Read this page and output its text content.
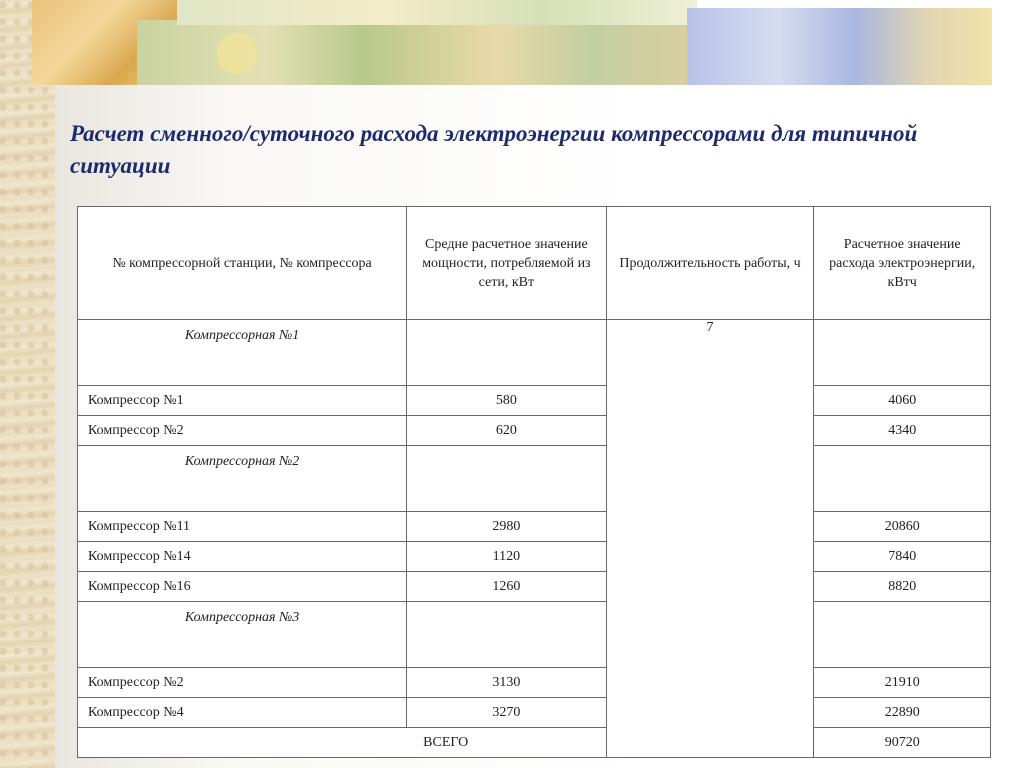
Расчет сменного/суточного расхода электроэнергии компрессорами для типичной ситуации
№ компрессорной станции, № компрессора	Средне расчетное значение мощности, потребляемой из сети, кВт	Продолжительность работы, ч	Расчетное значение расхода электроэнергии, кВтч
Компрессорная №1		7	
Компрессор №1	580		4060
Компрессор №2	620		4340
Компрессорная №2			
Компрессор №11	2980		20860
Компрессор №14	1120		7840
Компрессор №16	1260		8820
Компрессорная №3			
Компрессор №2	3130		21910
Компрессор №4	3270		22890
ВСЕГО			90720
